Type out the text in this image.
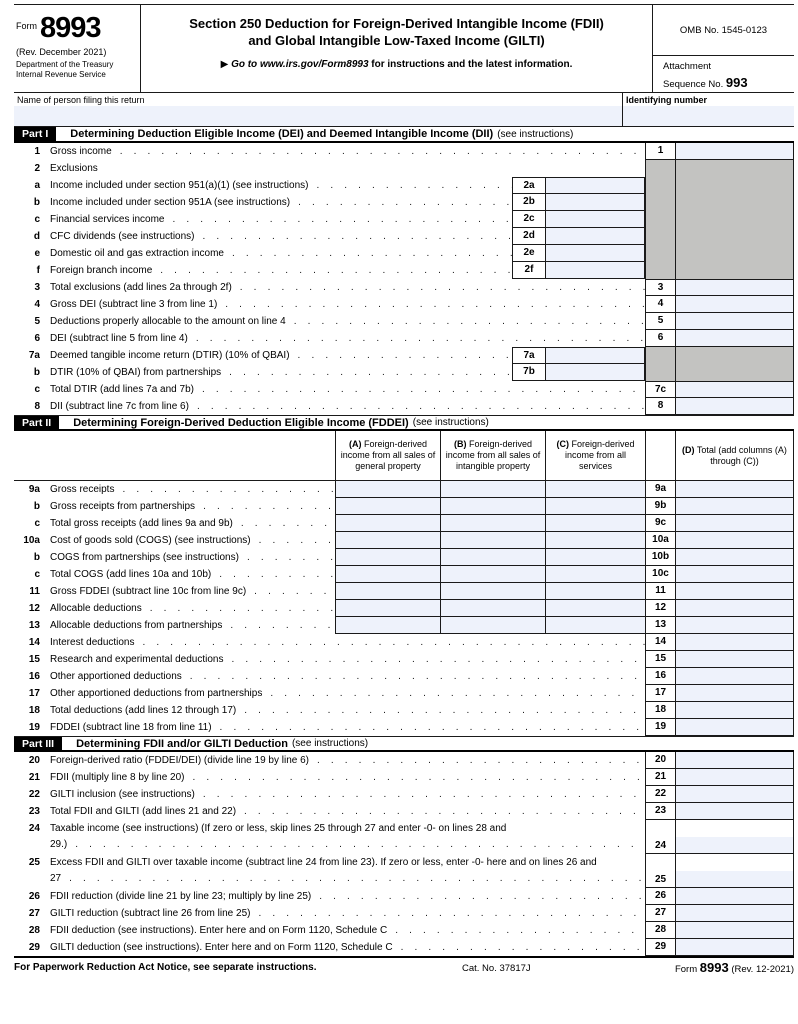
Form 8993
(Rev. December 2021)
Department of the Treasury
Internal Revenue Service
Section 250 Deduction for Foreign-Derived Intangible Income (FDII)
and Global Intangible Low-Taxed Income (GILTI)
▶ Go to www.irs.gov/Form8993 for instructions and the latest information.
OMB No. 1545-0123
Attachment
Sequence No. 993
Name of person filing this return	Identifying number
Part I	Determining Deduction Eligible Income (DEI) and Deemed Intangible Income (DII) (see instructions)
1 Gross income .	1
2 Exclusions
a Income included under section 951(a)(1) (see instructions) .	2a
b Income included under section 951A (see instructions) .	2b
c Financial services income .	2c
d CFC dividends (see instructions) .	2d
e Domestic oil and gas extraction income .	2e
f Foreign branch income .	2f
3 Total exclusions (add lines 2a through 2f) .	3
4 Gross DEI (subtract line 3 from line 1) .	4
5 Deductions properly allocable to the amount on line 4 .	5
6 DEI (subtract line 5 from line 4) .	6
7a Deemed tangible income return (DTIR) (10% of QBAI) .	7a
b DTIR (10% of QBAI) from partnerships .	7b
c Total DTIR (add lines 7a and 7b) .	7c
8 DII (subtract line 7c from line 6) .	8
Part II	Determining Foreign-Derived Deduction Eligible Income (FDDEI) (see instructions)
(A) Foreign-derived income from all sales of general property
(B) Foreign-derived income from all sales of intangible property
(C) Foreign-derived income from all services
(D) Total (add columns (A) through (C))
9a Gross receipts .	9a
b Gross receipts from partnerships .	9b
c Total gross receipts (add lines 9a and 9b) .	9c
10a Cost of goods sold (COGS) (see instructions) .	10a
b COGS from partnerships (see instructions) .	10b
c Total COGS (add lines 10a and 10b) .	10c
11 Gross FDDEI (subtract line 10c from line 9c) .	11
12 Allocable deductions .	12
13 Allocable deductions from partnerships .	13
14 Interest deductions .	14
15 Research and experimental deductions .	15
16 Other apportioned deductions .	16
17 Other apportioned deductions from partnerships .	17
18 Total deductions (add lines 12 through 17) .	18
19 FDDEI (subtract line 18 from line 11) .	19
Part III	Determining FDII and/or GILTI Deduction (see instructions)
20 Foreign-derived ratio (FDDEI/DEI) (divide line 19 by line 6) .	20
21 FDII (multiply line 8 by line 20) .	21
22 GILTI inclusion (see instructions) .	22
23 Total FDII and GILTI (add lines 21 and 22) .	23
24 Taxable income (see instructions) (If zero or less, skip lines 25 through 27 and enter -0- on lines 28 and 29.) .	24
25 Excess FDII and GILTI over taxable income (subtract line 24 from line 23). If zero or less, enter -0- here and on lines 26 and 27 .	25
26 FDII reduction (divide line 21 by line 23; multiply by line 25) .	26
27 GILTI reduction (subtract line 26 from line 25) .	27
28 FDII deduction (see instructions). Enter here and on Form 1120, Schedule C .	28
29 GILTI deduction (see instructions). Enter here and on Form 1120, Schedule C .	29
For Paperwork Reduction Act Notice, see separate instructions.	Cat. No. 37817J	Form 8993 (Rev. 12-2021)
